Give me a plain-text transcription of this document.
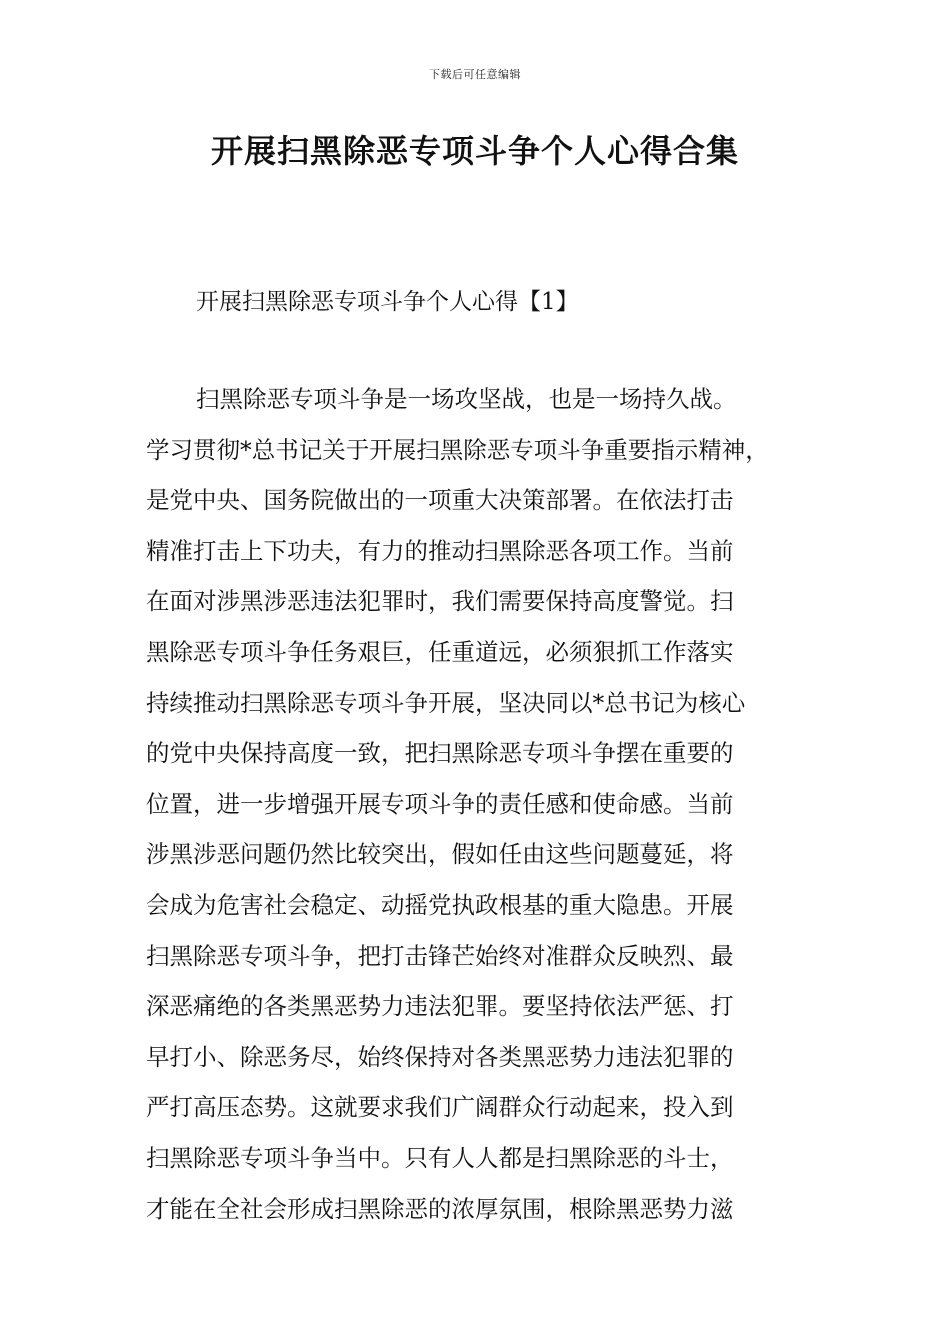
下载后可任意编辑
开展扫黑除恶专项斗争个人心得合集
开展扫黑除恶专项斗争个人心得【1】
扫黑除恶专项斗争是一场攻坚战，也是一场持久战。
学习贯彻*总书记关于开展扫黑除恶专项斗争重要指示精神，
是党中央、国务院做出的一项重大决策部署。在依法打击
精准打击上下功夫，有力的推动扫黑除恶各项工作。当前
在面对涉黑涉恶违法犯罪时，我们需要保持高度警觉。扫
黑除恶专项斗争任务艰巨，任重道远，必须狠抓工作落实
持续推动扫黑除恶专项斗争开展，坚决同以*总书记为核心
的党中央保持高度一致，把扫黑除恶专项斗争摆在重要的
位置，进一步增强开展专项斗争的责任感和使命感。当前
涉黑涉恶问题仍然比较突出，假如任由这些问题蔓延，将
会成为危害社会稳定、动摇党执政根基的重大隐患。开展
扫黑除恶专项斗争，把打击锋芒始终对准群众反映烈、最
深恶痛绝的各类黑恶势力违法犯罪。要坚持依法严惩、打
早打小、除恶务尽，始终保持对各类黑恶势力违法犯罪的
严打高压态势。这就要求我们广阔群众行动起来，投入到
扫黑除恶专项斗争当中。只有人人都是扫黑除恶的斗士，
才能在全社会形成扫黑除恶的浓厚氛围，根除黑恶势力滋
